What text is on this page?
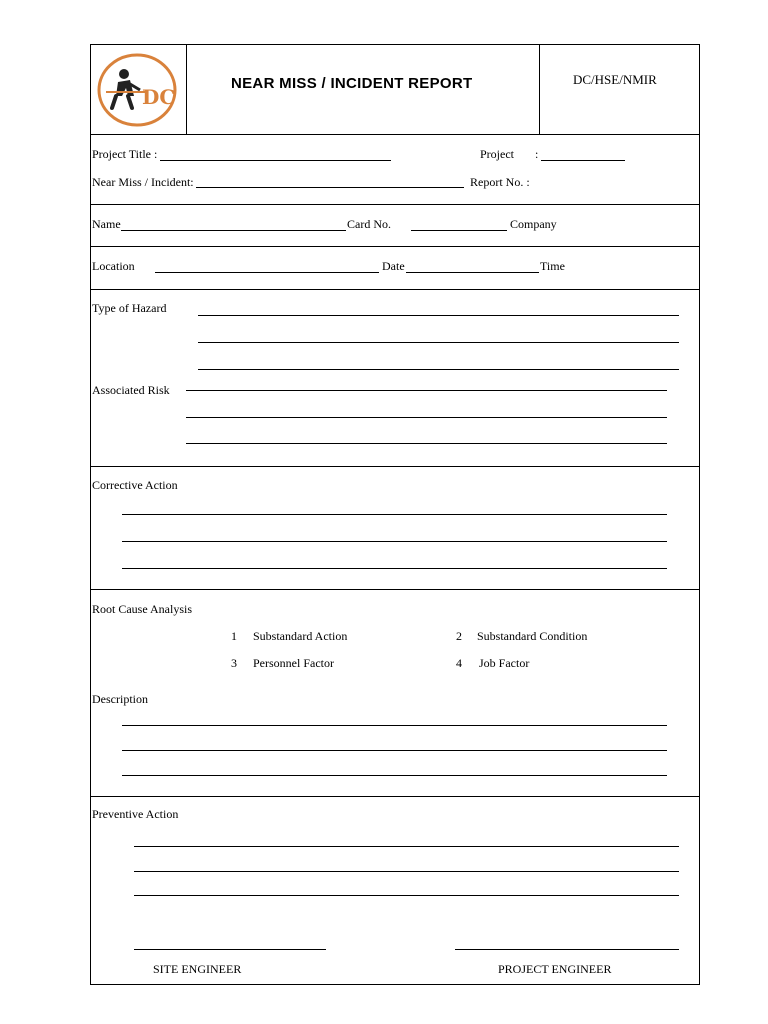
DC
NEAR MISS / INCIDENT REPORT	DC/HSE/NMIR
Project Title :	Project :
Near Miss / Incident:	Report No. :
Name	Card No.	Company
Location	Date	Time
Type of Hazard
Associated Risk
Corrective Action
Root Cause Analysis
1 Substandard Action	2 Substandard Condition
3 Personnel Factor	4 Job Factor
Description
Preventive Action
SITE ENGINEER	PROJECT ENGINEER
